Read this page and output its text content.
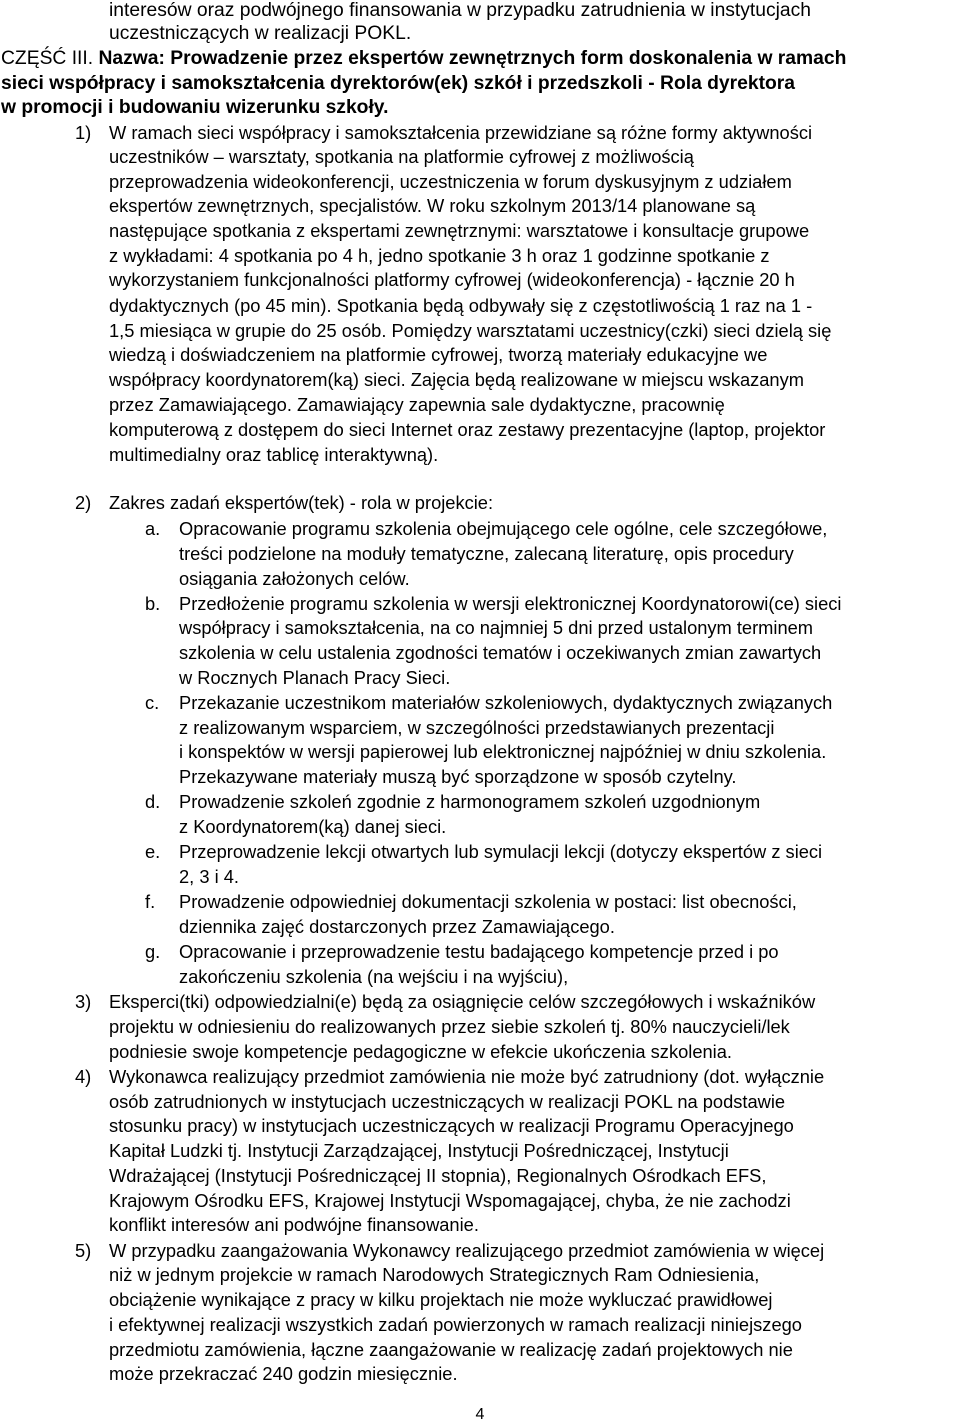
interesów oraz podwójnego finansowania w przypadku zatrudnienia w instytucjach
uczestniczących w realizacji POKL.
CZĘŚĆ III. Nazwa: Prowadzenie przez ekspertów zewnętrznych form doskonalenia w ramach
sieci współpracy i samokształcenia dyrektorów(ek) szkół i przedszkoli - Rola dyrektora
w promocji i budowaniu wizerunku szkoły.
1) W ramach sieci współpracy i samokształcenia przewidziane są różne formy aktywności
uczestników – warsztaty, spotkania na platformie cyfrowej z możliwością
przeprowadzenia wideokonferencji, uczestniczenia w forum dyskusyjnym z udziałem
ekspertów zewnętrznych, specjalistów. W roku szkolnym 2013/14 planowane są
następujące spotkania z ekspertami zewnętrznymi: warsztatowe i konsultacje grupowe
z wykładami: 4 spotkania po 4 h, jedno spotkanie 3 h oraz 1 godzinne spotkanie z
wykorzystaniem funkcjonalności platformy cyfrowej (wideokonferencja) - łącznie 20 h
dydaktycznych (po 45 min). Spotkania będą odbywały się z częstotliwością 1 raz na 1 -
1,5 miesiąca w grupie do 25 osób. Pomiędzy warsztatami uczestnicy(czki) sieci dzielą się
wiedzą i doświadczeniem na platformie cyfrowej, tworzą materiały edukacyjne we
współpracy koordynatorem(ką) sieci. Zajęcia będą realizowane w miejscu wskazanym
przez Zamawiającego. Zamawiający zapewnia sale dydaktyczne, pracownię
komputerową z dostępem do sieci Internet oraz zestawy prezentacyjne (laptop, projektor
multimedialny oraz tablicę interaktywną).
2) Zakres zadań ekspertów(tek) - rola w projekcie:
a. Opracowanie programu szkolenia obejmującego cele ogólne, cele szczegółowe,
treści podzielone na moduły tematyczne, zalecaną literaturę, opis procedury
osiągania założonych celów.
b. Przedłożenie programu szkolenia w wersji elektronicznej Koordynatorowi(ce) sieci
współpracy i samokształcenia, na co najmniej 5 dni przed ustalonym terminem
szkolenia w celu ustalenia zgodności tematów i oczekiwanych zmian zawartych
w Rocznych Planach Pracy Sieci.
c. Przekazanie uczestnikom materiałów szkoleniowych, dydaktycznych związanych
z realizowanym wsparciem, w szczególności przedstawianych prezentacji
i konspektów w wersji papierowej lub elektronicznej najpóźniej w dniu szkolenia.
Przekazywane materiały muszą być sporządzone w sposób czytelny.
d. Prowadzenie szkoleń zgodnie z harmonogramem szkoleń uzgodnionym
z Koordynatorem(ką) danej sieci.
e. Przeprowadzenie lekcji otwartych lub symulacji lekcji (dotyczy ekspertów z sieci
2, 3 i 4.
f. Prowadzenie odpowiedniej dokumentacji szkolenia w postaci: list obecności,
dziennika zajęć dostarczonych przez Zamawiającego.
g. Opracowanie i przeprowadzenie testu badającego kompetencje przed i po
zakończeniu szkolenia (na wejściu i na wyjściu),
3) Eksperci(tki) odpowiedzialni(e) będą za osiągnięcie celów szczegółowych i wskaźników
projektu w odniesieniu do realizowanych przez siebie szkoleń tj. 80% nauczycieli/lek
podniesie swoje kompetencje pedagogiczne w efekcie ukończenia szkolenia.
4) Wykonawca realizujący przedmiot zamówienia nie może być zatrudniony (dot. wyłącznie
osób zatrudnionych w instytucjach uczestniczących w realizacji POKL na podstawie
stosunku pracy) w instytucjach uczestniczących w realizacji Programu Operacyjnego
Kapitał Ludzki tj. Instytucji Zarządzającej, Instytucji Pośredniczącej, Instytucji
Wdrażającej (Instytucji Pośredniczącej II stopnia), Regionalnych Ośrodkach EFS,
Krajowym Ośrodku EFS, Krajowej Instytucji Wspomagającej, chyba, że nie zachodzi
konflikt interesów ani podwójne finansowanie.
5) W przypadku zaangażowania Wykonawcy realizującego przedmiot zamówienia w więcej
niż w jednym projekcie w ramach Narodowych Strategicznych Ram Odniesienia,
obciążenie wynikające z pracy w kilku projektach nie może wykluczać prawidłowej
i efektywnej realizacji wszystkich zadań powierzonych w ramach realizacji niniejszego
przedmiotu zamówienia, łączne zaangażowanie w realizację zadań projektowych nie
może przekraczać 240 godzin miesięcznie.
4
